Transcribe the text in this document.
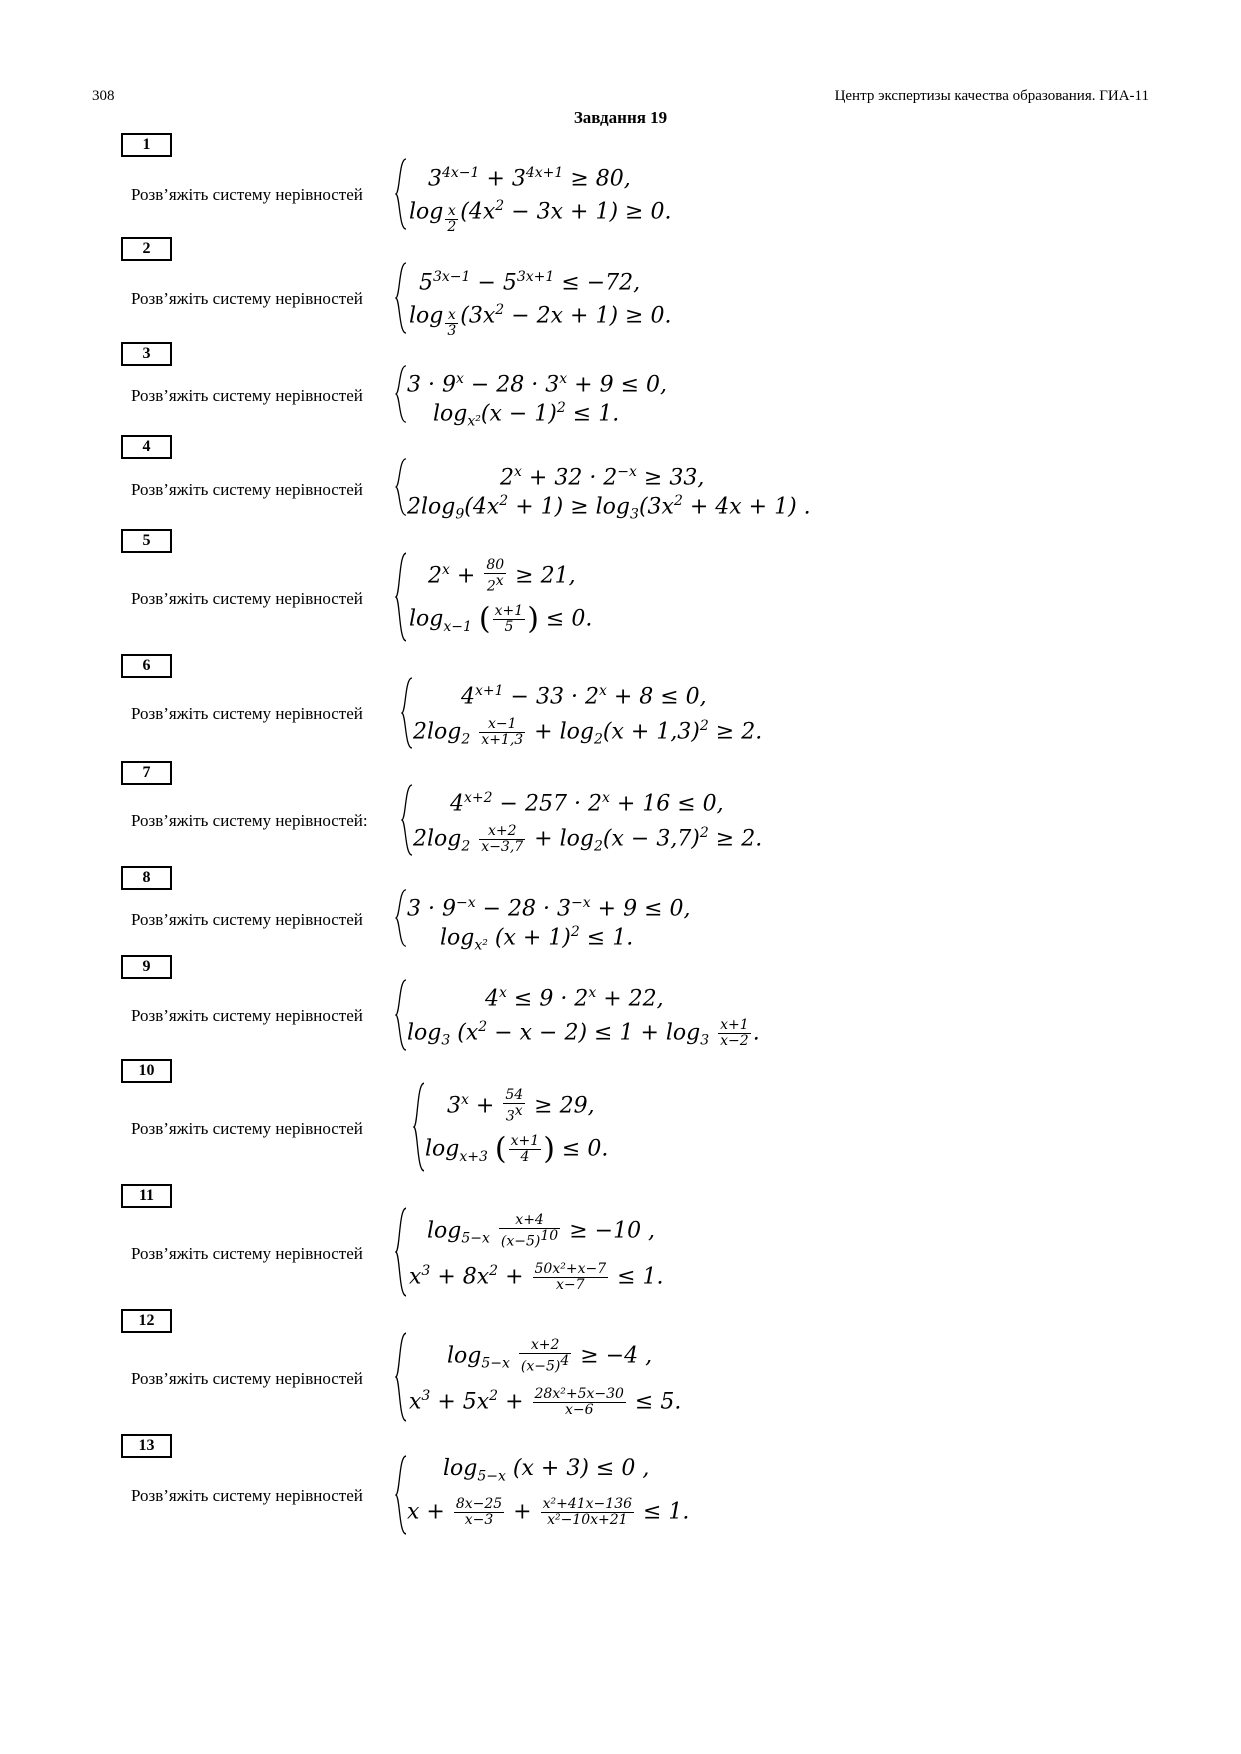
308	Центр экспертизы качества образования. ГИА-11
Завдання 19
1
Розв’яжіть систему нерівностей
$3^{4x-1} + 3^{4x+1} \ge 80$,
log $_{\frac{x}{2}}$ $(4x^2 - 3x + 1) \ge 0$.
2
Розв’яжіть систему нерівностей
$5^{3x-1} - 5^{3x+1} \le -72$,
log $_{\frac{x}{3}}$ $(3x^2 - 2x + 1) \ge 0$.
3
Розв’яжіть систему нерівностей $3 \cdot 9^x - 28 \cdot 3^x + 9 \le 0$,
$\log_{x^2}(x - 1)^2 \le 1$.
4
Розв’яжіть систему нерівностей	$2^x + 32 \cdot 2^{-x} \ge 33$,
$2\log_9(4x^2 + 1) \ge \log_3(3x^2 + 4x + 1)$ .
5
Розв’яжіть систему нерівностей
$2^x + \frac{80}{2^x} \ge 21$,
$\log_{x-1}$ ( $\frac{x+1}{5}$ ) ≤ 0.
6
Розв’яжіть систему нерівностей
$4^{x+1} - 33 \cdot 2^x + 8 \le 0$,
$2\log_2 \frac{x-1}{x+1,3} + \log_2(x + 1,3)^2 \ge 2$.
7
Розв’яжіть систему нерівностей:
$4^{x+2} - 257 \cdot 2^x + 16 \le 0$,
$2\log_2 \frac{x+2}{x-3,7} + \log_2(x - 3,7)^2 \ge 2$.
8
Розв’яжіть систему нерівностей $3 \cdot 9^{-x} - 28 \cdot 3^{-x} + 9 \le 0$,
$\log_{x^2} (x + 1)^2 \le 1$.
9
Розв’яжіть систему нерівностей
$4^x \le 9 \cdot 2^x + 22$,
$\log_3 (x^2 - x - 2) \le 1 + \log_3 \frac{x+1}{x-2}$ .
10
Розв’яжіть систему нерівностей
$3^x + \frac{54}{3^x} \ge 29$,
$\log_{x+3}$ ( $\frac{x+1}{4}$ ) ≤ 0.
11
Розв’яжіть систему нерівностей
$\log_{5-x} \frac{x+4}{(x-5)^{10}} \ge -10$ ,
$x^3 + 8x^2 + \frac{\text{50x²+x−7}}{x-7} \le 1$.
12
Розв’яжіть систему нерівностей
$\log_{5-x} \frac{x+2}{(x-5)^4} \ge -4$ ,
$x^3 + 5x^2 + \frac{\text{28x²+5x−30}}{x-6} \le 5$.
13
Розв’яжіть систему нерівностей
$\log_{5-x} (x + 3) \le 0$ ,
$x + \frac{8x-25}{x-3} + \frac{\text{x²+41x−136}}{\text{x²−10x+21}} \le 1$.
